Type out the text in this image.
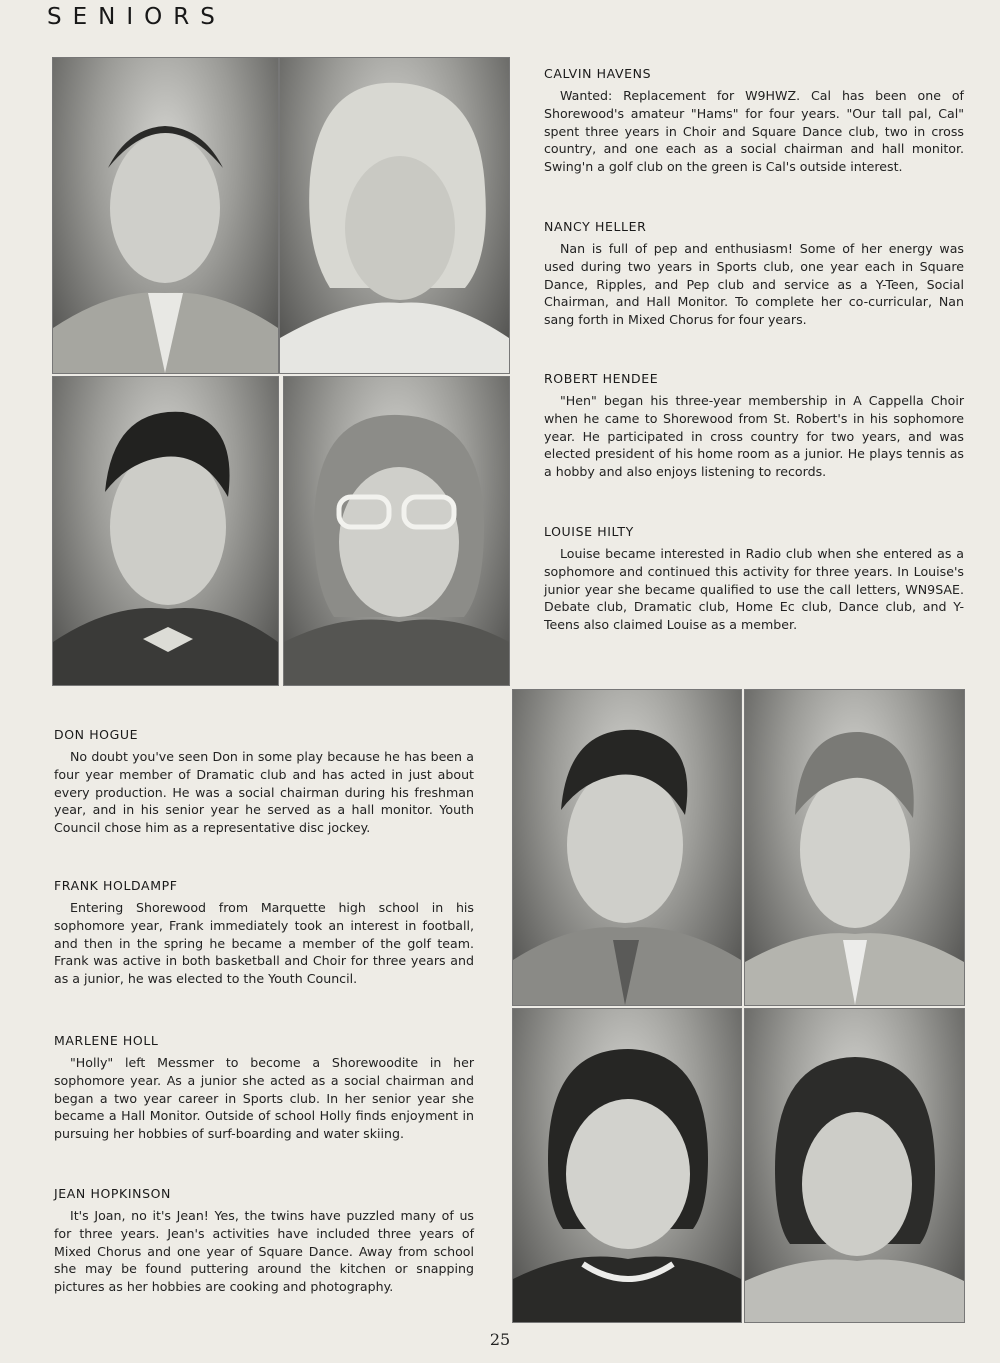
SENIORS
CALVIN HAVENS

Wanted: Replacement for W9HWZ. Cal has been one of Shorewood's amateur "Hams" for four years. "Our tall pal, Cal" spent three years in Choir and Square Dance club, two in cross country, and one each as a social chairman and hall monitor. Swing'n a golf club on the green is Cal's outside interest.

NANCY HELLER

Nan is full of pep and enthusiasm! Some of her energy was used during two years in Sports club, one year each in Square Dance, Ripples, and Pep club and service as a Y-Teen, Social Chairman, and Hall Monitor. To complete her co-curricular, Nan sang forth in Mixed Chorus for four years.

ROBERT HENDEE

"Hen" began his three-year membership in A Cappella Choir when he came to Shorewood from St. Robert's in his sophomore year. He participated in cross country for two years, and was elected president of his home room as a junior. He plays tennis as a hobby and also enjoys listening to records.

LOUISE HILTY

Louise became interested in Radio club when she entered as a sophomore and continued this activity for three years. In Louise's junior year she became qualified to use the call letters, WN9SAE. Debate club, Dramatic club, Home Ec club, Dance club, and Y-Teens also claimed Louise as a member.

DON HOGUE

No doubt you've seen Don in some play because he has been a four year member of Dramatic club and has acted in just about every production. He was a social chairman during his freshman year, and in his senior year he served as a hall monitor. Youth Council chose him as a representative disc jockey.

FRANK HOLDAMPF

Entering Shorewood from Marquette high school in his sophomore year, Frank immediately took an interest in football, and then in the spring he became a member of the golf team. Frank was active in both basketball and Choir for three years and as a junior, he was elected to the Youth Council.

MARLENE HOLL

"Holly" left Messmer to become a Shorewoodite in her sophomore year. As a junior she acted as a social chairman and began a two year career in Sports club. In her senior year she became a Hall Monitor. Outside of school Holly finds enjoyment in pursuing her hobbies of surf-boarding and water skiing.

JEAN HOPKINSON

It's Joan, no it's Jean! Yes, the twins have puzzled many of us for three years. Jean's activities have included three years of Mixed Chorus and one year of Square Dance. Away from school she may be found puttering around the kitchen or snapping pictures as her hobbies are cooking and photography.

25
